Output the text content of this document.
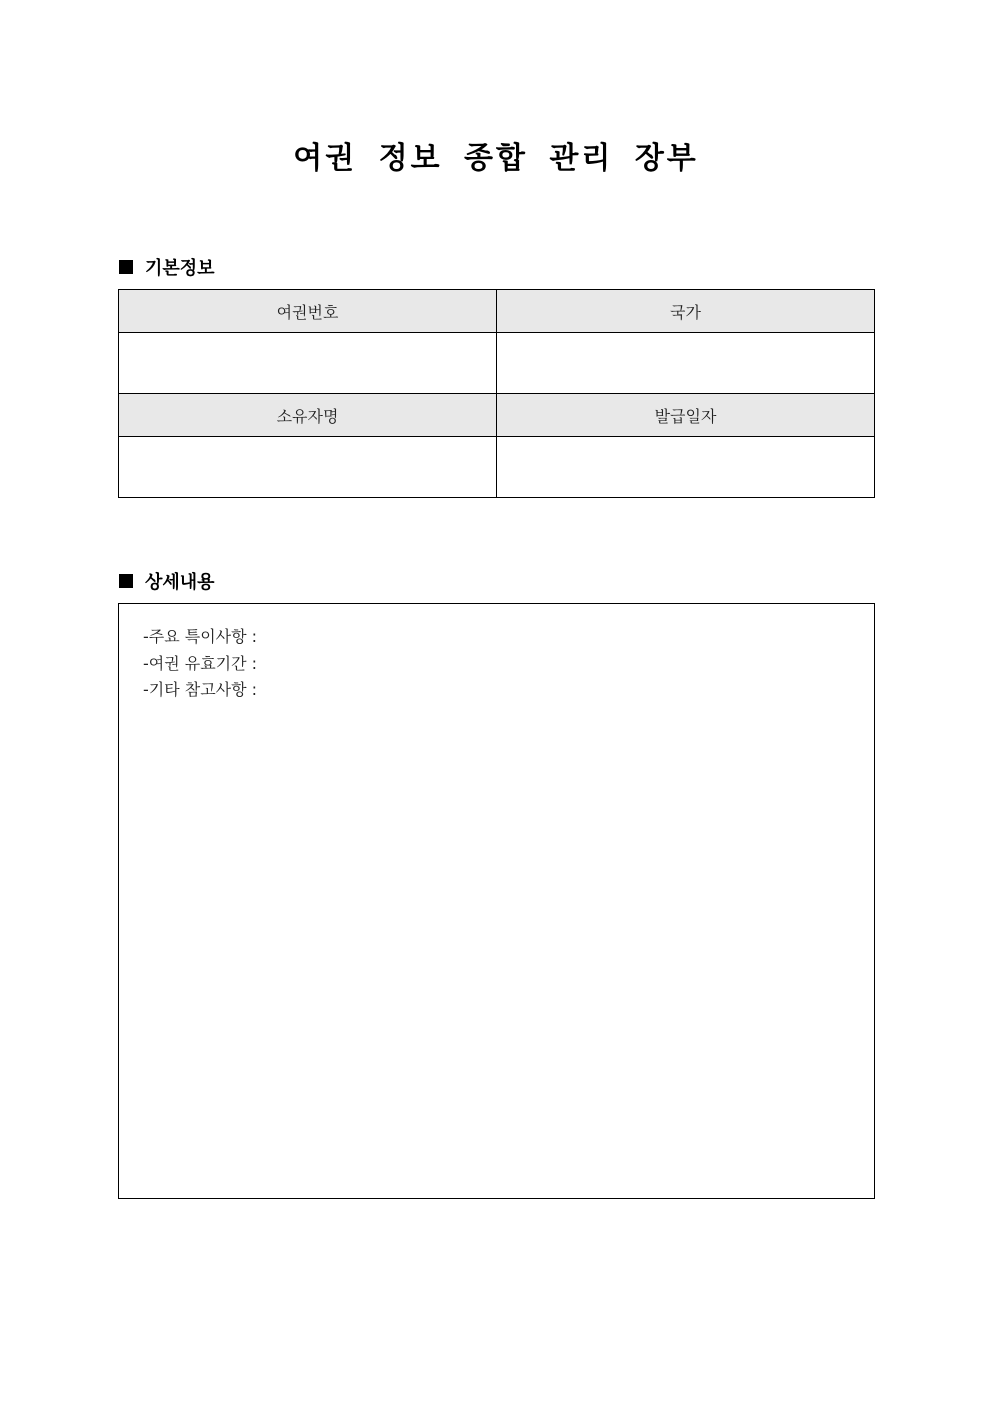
여권 정보 종합 관리 장부
기본정보
여권번호	국가

소유자명	발급일자

상세내용
-주요 특이사항 :
-여권 유효기간 :
-기타 참고사항 :
